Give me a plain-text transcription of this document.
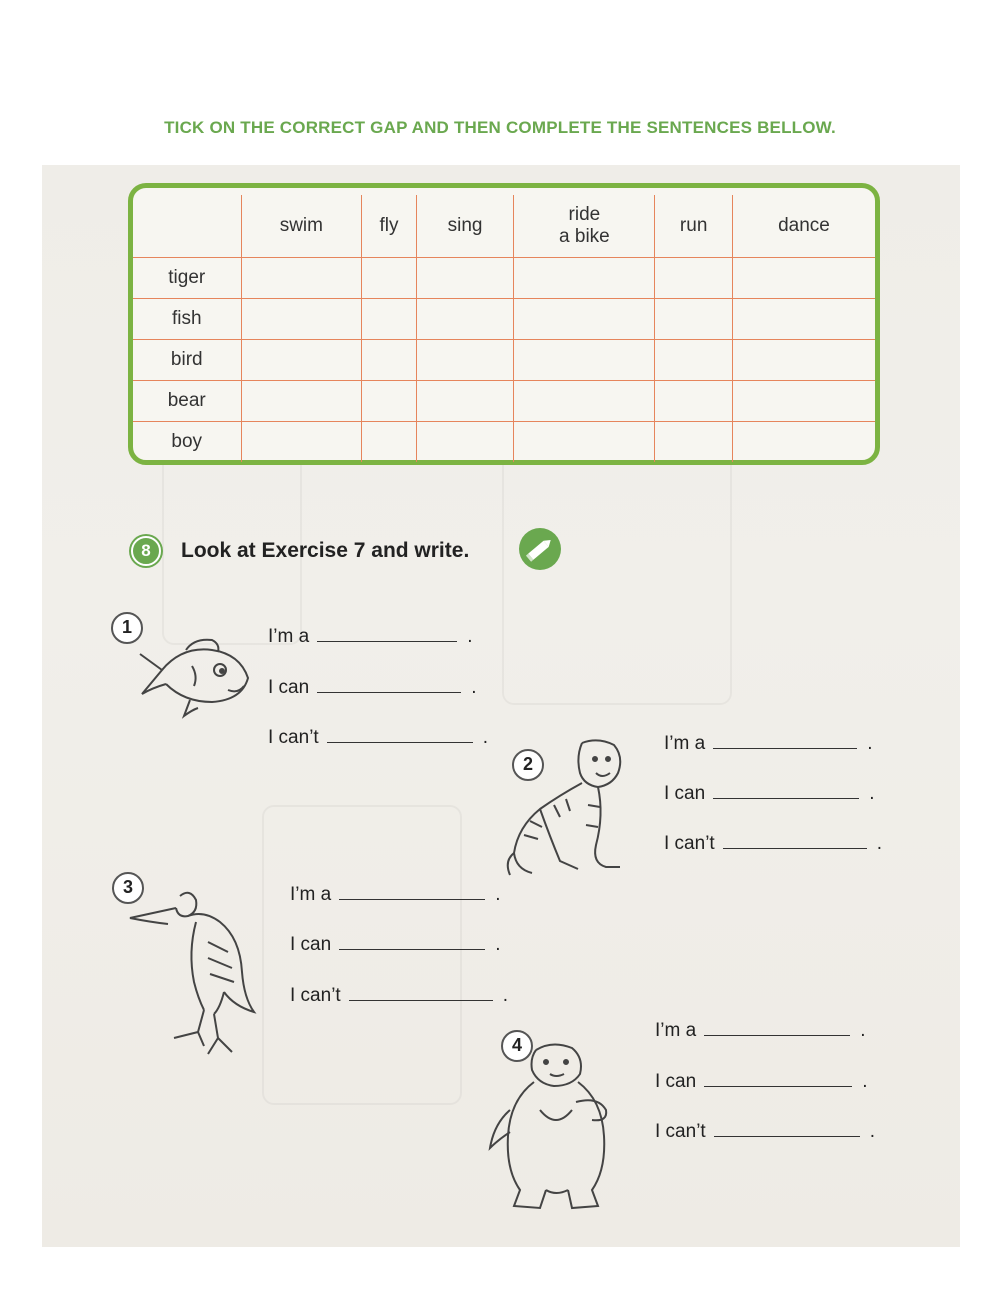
TICK ON THE CORRECT GAP AND THEN COMPLETE THE SENTENCES BELLOW.

	swim	fly	sing	ride
a bike	run	dance

tiger						
fish						
bird						
bear						
boy						
8	Look at Exercise 7 and write.
1	I’m a	.
I can	.
I can’t	.
2
I’m a	.
I can	.
I can’t	.
3	I’m a	.
I can	.
I can’t	.
4
I’m a	.
I can	.
I can’t	.
